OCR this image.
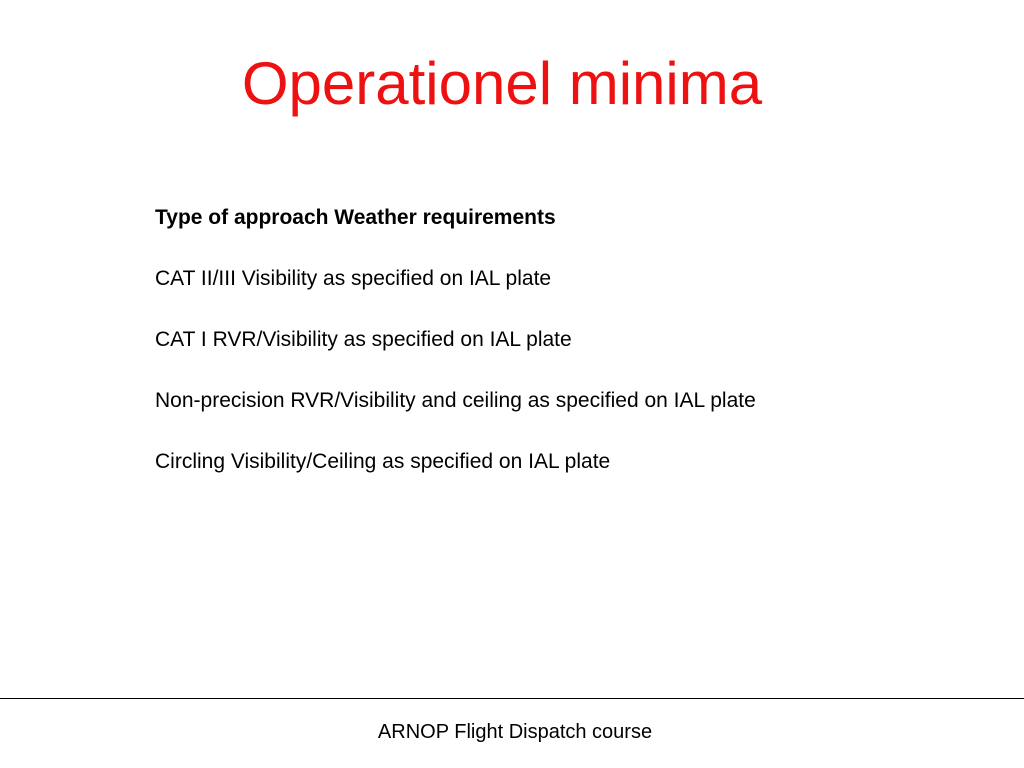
Operationel minima
Type of approach Weather requirements
CAT II/III Visibility as specified on IAL plate
CAT I RVR/Visibility as specified on IAL plate
Non-precision RVR/Visibility and ceiling as specified on IAL plate
Circling Visibility/Ceiling as specified on IAL plate
ARNOP Flight Dispatch course
